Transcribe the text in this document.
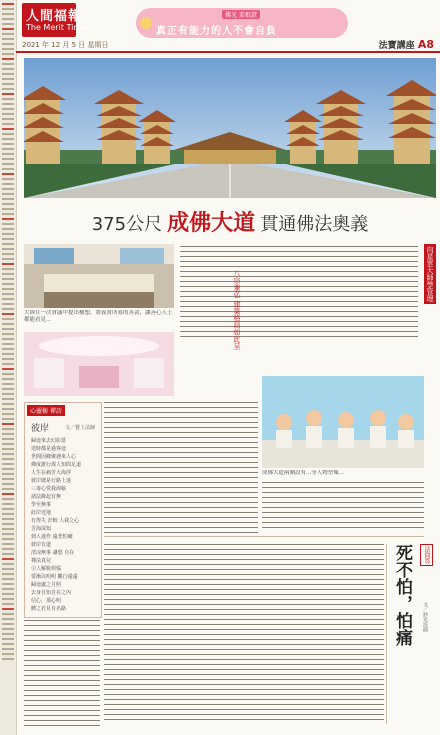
人間福報
The Merit Times
2021 年 12 月 5 日 星期日
佛光 菜根譚
真正有能力的人不會自負
法寶講座 A8
375公尺 成佛大道 貫通佛法奧義
大師在一次會議中提出構想，將義賣所募的善款，讓善心人士都能看見...
向星雲大師學管理
八宗兼弘 建築格局如此呈
成佛大道兩側設有...等人物塑像...
心靈樹 禪詩
彼岸	文／覺上法師
歸途來去幻影當
送時都是過客途
世間因緣聚遇來人心
佛度誰行謀人知問足道
人生在痛苦大海浮
彼岸總是行路上迷
三毒心愛我海喻
諸法緣起有無
學至無事
此岸近地
有得失 計較 人我之心
苦海深知
到人迷作 遠悲怕癡
彼岸有道
清涼無事 讓慾 自在
禪法真兒
引人解脫煩惱
要漸以明明 觀行還遠
歸途處之月照
去身自知自在之內
信心，那心明
體之若見有名路
法問答
死不怕，怕痛	文／妙光法師
